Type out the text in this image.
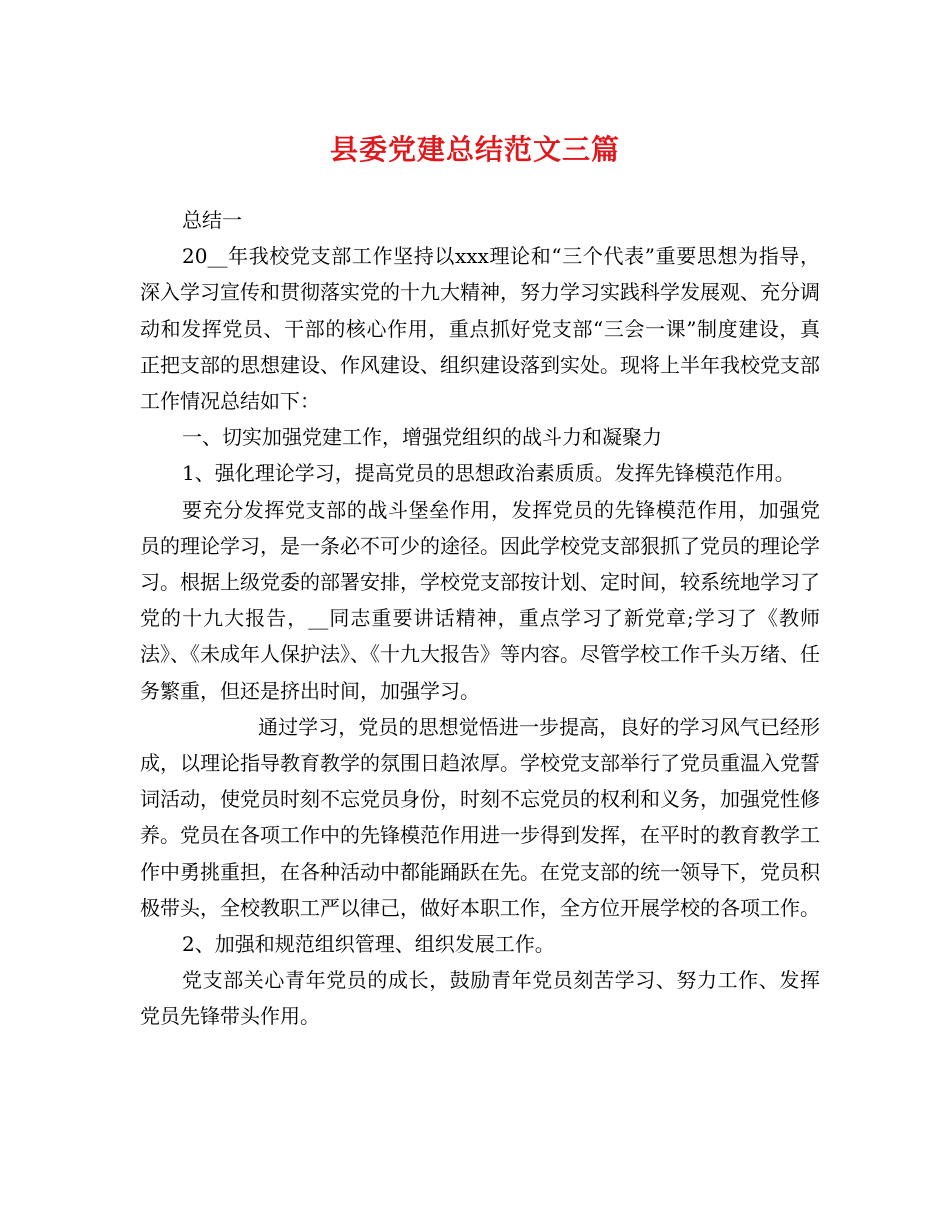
县委党建总结范文三篇

总结一

20__年我校党支部工作坚持以xxx理论和“三个代表”重要思想为指导，深入学习宣传和贯彻落实党的十九大精神，努力学习实践科学发展观、充分调动和发挥党员、干部的核心作用，重点抓好党支部“三会一课”制度建设，真正把支部的思想建设、作风建设、组织建设落到实处。现将上半年我校党支部工作情况总结如下：

一、切实加强党建工作，增强党组织的战斗力和凝聚力

1、强化理论学习，提高党员的思想政治素质质。发挥先锋模范作用。

要充分发挥党支部的战斗堡垒作用，发挥党员的先锋模范作用，加强党员的理论学习，是一条必不可少的途径。因此学校党支部狠抓了党员的理论学习。根据上级党委的部署安排，学校党支部按计划、定时间，较系统地学习了党的十九大报告，__同志重要讲话精神，重点学习了新党章;学习了《教师法》、《未成年人保护法》、《十九大报告》等内容。尽管学校工作千头万绪、任务繁重，但还是挤出时间，加强学习。

通过学习，党员的思想觉悟进一步提高，良好的学习风气已经形成，以理论指导教育教学的氛围日趋浓厚。学校党支部举行了党员重温入党誓词活动，使党员时刻不忘党员身份，时刻不忘党员的权利和义务，加强党性修养。党员在各项工作中的先锋模范作用进一步得到发挥，在平时的教育教学工作中勇挑重担，在各种活动中都能踊跃在先。在党支部的统一领导下，党员积极带头，全校教职工严以律己，做好本职工作，全方位开展学校的各项工作。

2、加强和规范组织管理、组织发展工作。

党支部关心青年党员的成长，鼓励青年党员刻苦学习、努力工作、发挥党员先锋带头作用。
